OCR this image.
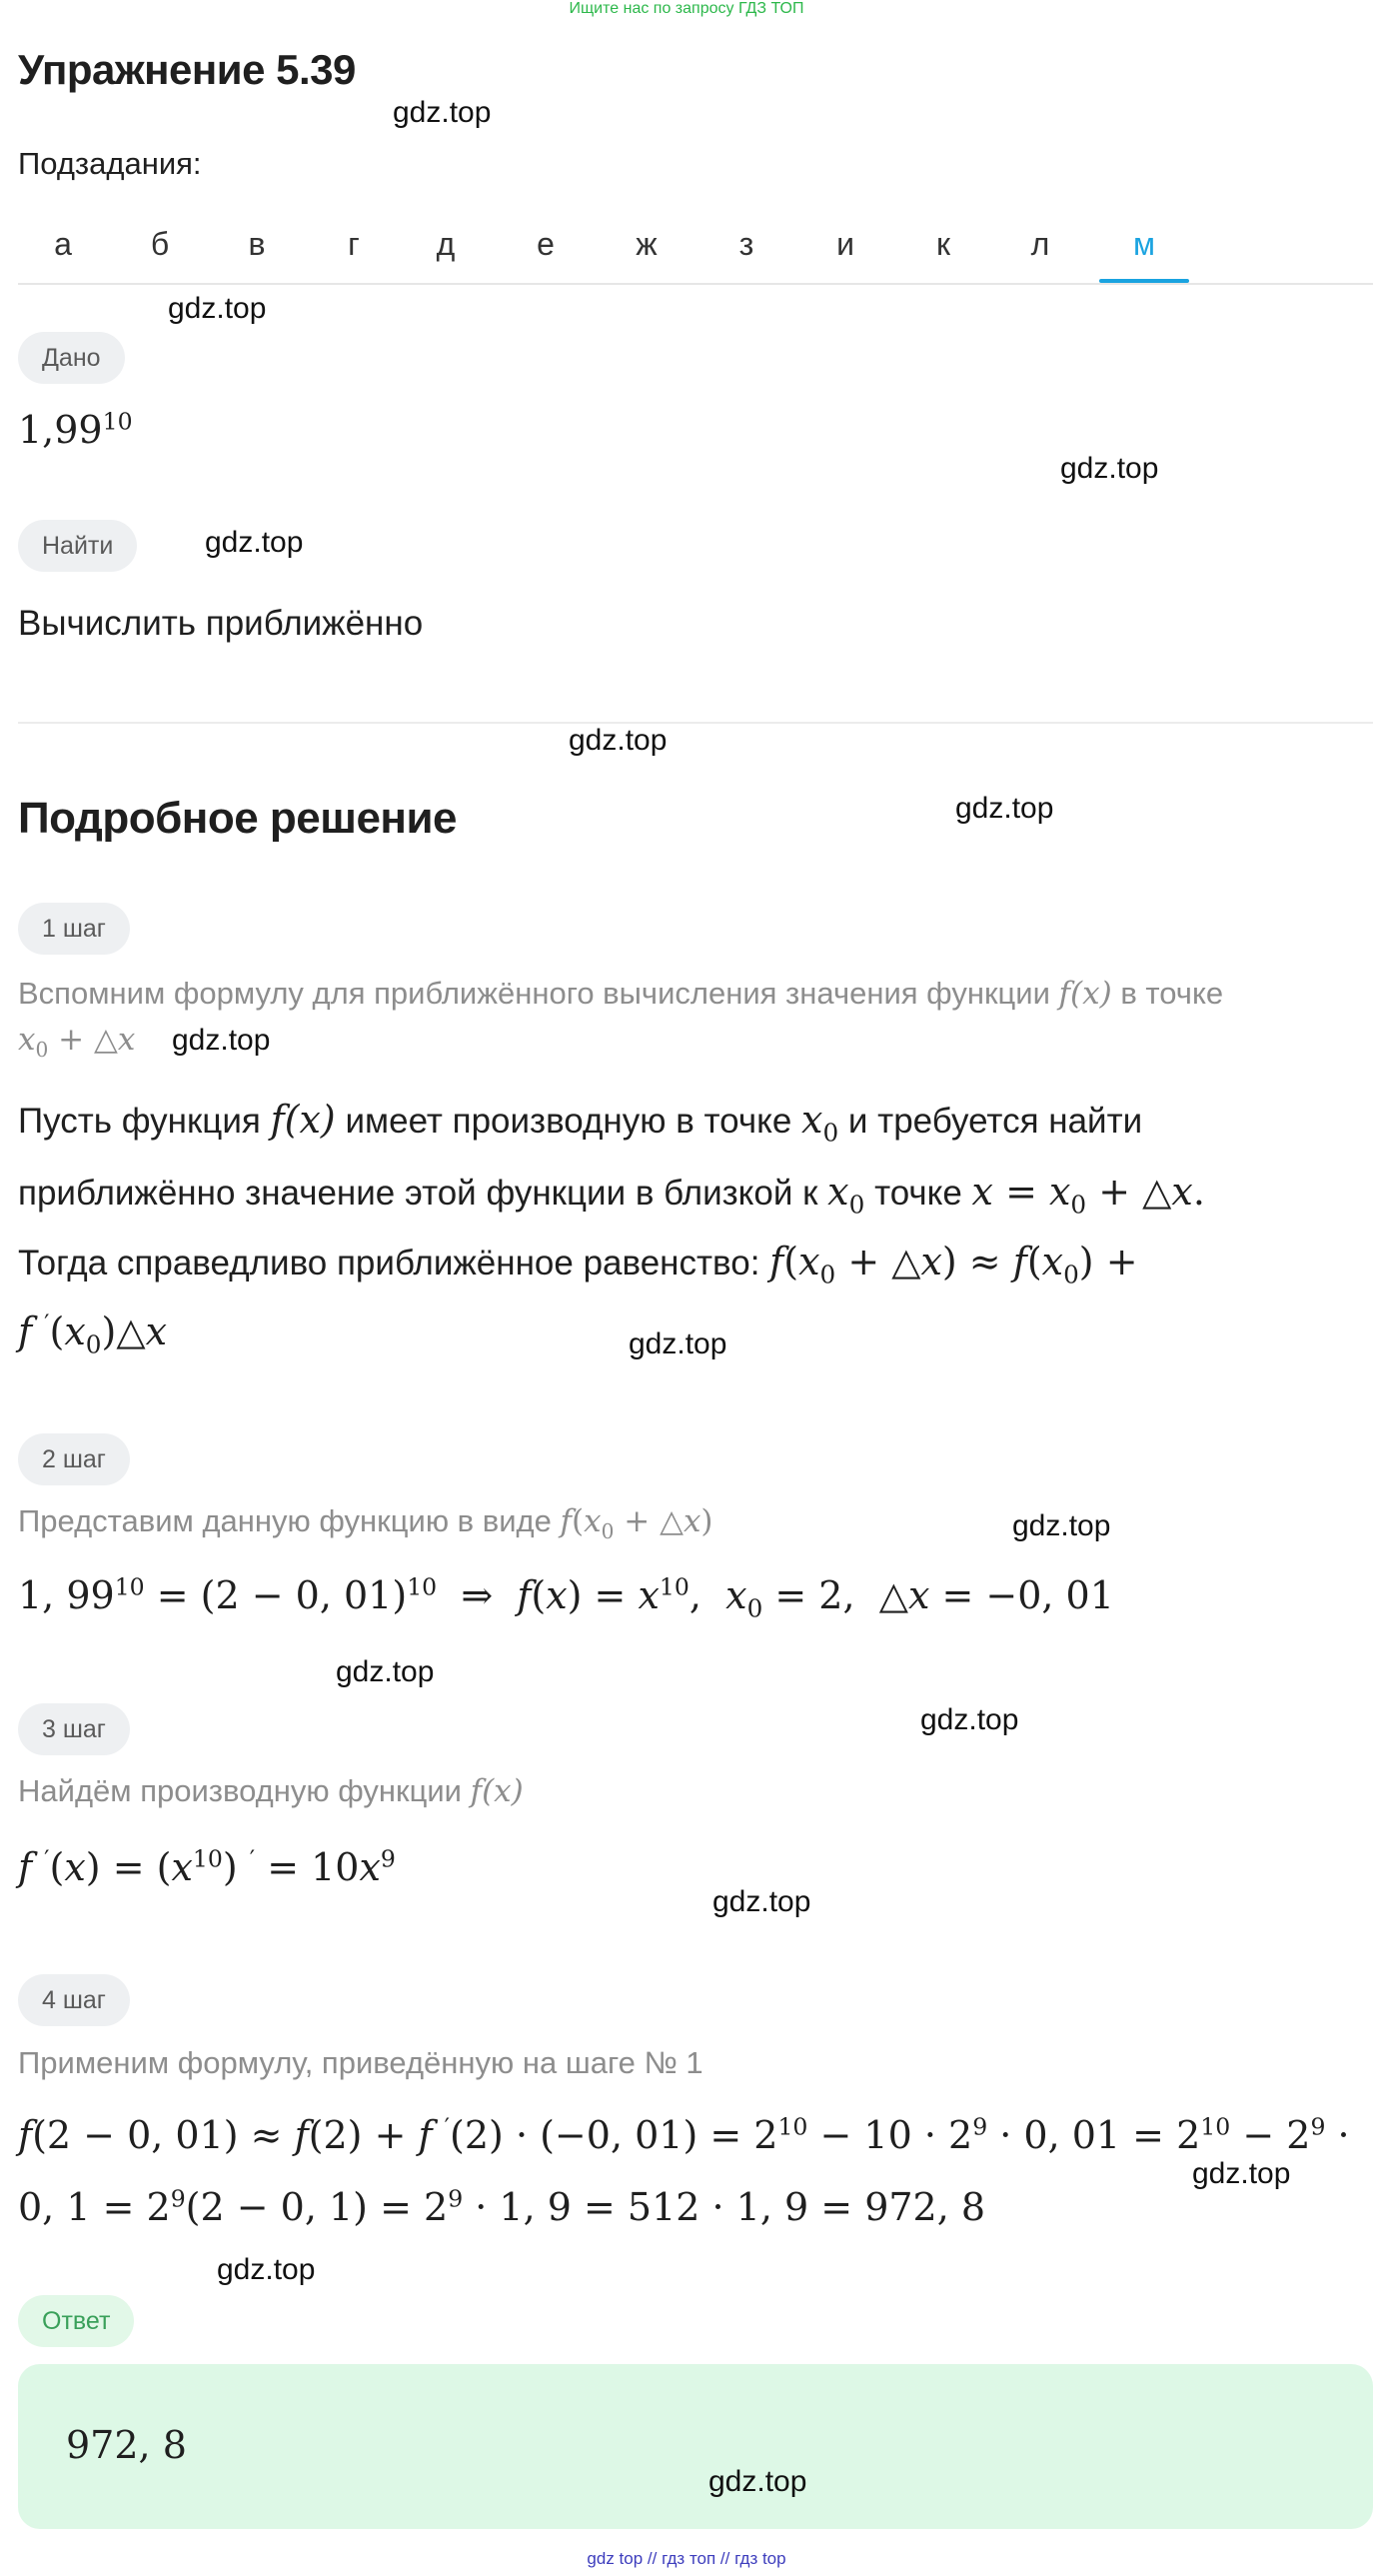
Ищите нас по запросу ГДЗ ТОП
Упражнение 5.39
gdz.top
Подзадания:
а	б	в	г	д	е	ж	з	и	к	л	м
gdz.top
Дано
1,99$^{10}$
gdz.top
Найти	gdz.top
Вычислить приближённо
gdz.top
Подробное решение	gdz.top
1 шаг
Вспомним формулу для приближённого вычисления значения функции f(x) в точке
$x_0$ + △x gdz.top
Пусть функция f(x) имеет производную в точке $x_0$ и требуется найти
приближённо значение этой функции в близкой к $x_0$ точке $x = x_0$ + △x.
Тогда справедливо приближённое равенство: $f(x_0$ + △x) ≈ $f(x_0)$ +
f $'(x_0)\triangle x$	gdz.top
2 шаг
Представим данную функцию в виде $f(x_0$ + △x)	gdz.top
1, $99^{10} = (2 - 0$, 01)$^{10}$  ⇒  $f(x) = x^{10}$,  $x_0 = 2$,  △x = −0, 01
gdz.top
3 шаг	gdz.top
Найдём производную функции f(x)
f $'(x) = (x^{10}) ' = 10x^9$
gdz.top
4 шаг
Применим формулу, приведённую на шаге № 1
f(2 − 0, 01) ≈ f(2) + f ′(2) · (−0, $01) = 2^{10} - 10 \cdot 2^9 \cdot 0$, $01 = 2^{10} - 2^9$ ·
gdz.top
0, $1 = 2^9(2 - 0$, $1) = 2^9 \cdot 1$, 9 = 512 · 1, 9 = 972, 8
gdz.top
Ответ
972, 8
gdz.top
gdz top // гдз топ // гдз top
